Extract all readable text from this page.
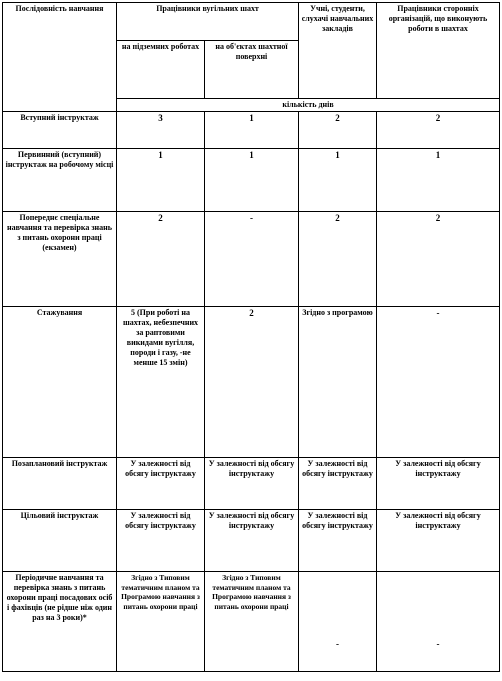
Послідовність навчання	Працівники вугільних шахт		Учні, студенти, слухачі навчальних закладів	Працівники сторонніх організацій, що виконують роботи в шахтах
	на підземних роботах	на об'єктах шахтної поверхні		
	кількість днів			
Вступний інструктаж	3	1	2	2
Первинний (вступний) інструктаж на робочому місці	1	1	1	1
Попереднє спеціальне навчання та перевірка знань з питань охорони праці (екзамен)	2	-	2	2
Стажування	5 (При роботі на шахтах, небезпечних за раптовими викидами вугілля, породи і газу, -не менше 15 змін)	2	Згідно з програмою	-
Позаплановий інструктаж	У залежності від обсягу інструктажу	У залежності від обсягу інструктажу	У залежності від обсягу інструктажу	У залежності від обсягу інструктажу
Цільовий інструктаж	У залежності від обсягу інструктажу	У залежності від обсягу інструктажу	У залежності від обсягу інструктажу	У залежності від обсягу інструктажу
Періодичне навчання та перевірка знань з питань охорони праці посадових осіб і фахівців (не рідше ніж один раз на 3 роки)*	Згідно з Типовим тематичним планом та Програмою навчання з питань охорони праці	Згідно з Типовим тематичним планом та Програмою навчання з питань охорони праці	-	-
